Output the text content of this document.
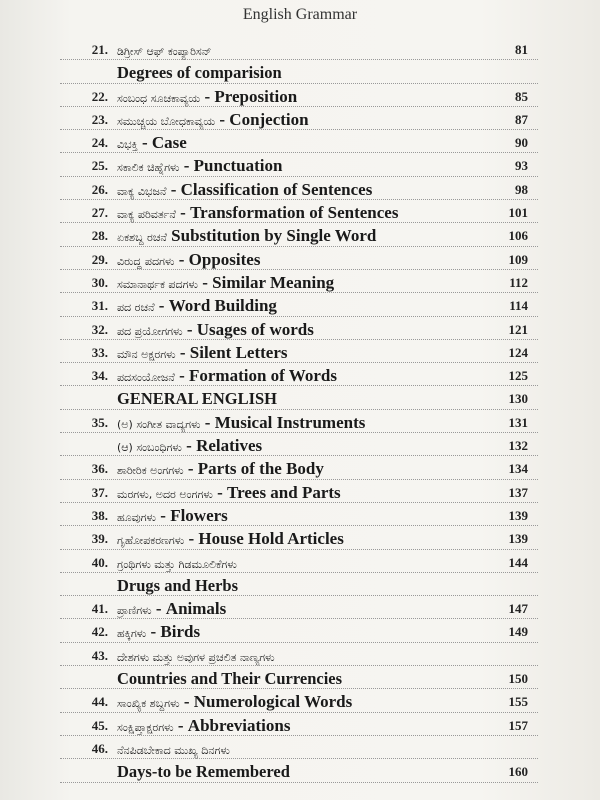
English Grammar
21. ಡಿಗ್ರೀಸ್ ಆಫ್ ಕಂಪ್ಯಾರಿಸನ್	81
Degrees of comparision
22. ಸಂಬಂಧ ಸೂಚಕಾವ್ಯಯ - Preposition	85
23. ಸಮುಚ್ಚಯ ಬೋಧಕಾವ್ಯಯ - Conjection	87
24. ವಿಭಕ್ತಿ - Case	90
25. ಸಕಾಲಿಕ ಚಿಹ್ನೆಗಳು - Punctuation	93
26. ವಾಕ್ಯ ವಿಭಜನೆ - Classification of Sentences	98
27. ವಾಕ್ಯ ಪರಿವರ್ತನೆ - Transformation of Sentences	101
28. ಏಕಶಬ್ದ ರಚನೆ Substitution by Single Word	106
29. ವಿರುದ್ಧ ಪದಗಳು - Opposites	109
30. ಸಮಾನಾರ್ಥಕ ಪದಗಳು - Similar Meaning	112
31. ಪದ ರಚನೆ - Word Building	114
32. ಪದ ಪ್ರಯೋಗಗಳು - Usages of words	121
33. ಮೌನ ಅಕ್ಷರಗಳು - Silent Letters	124
34. ಪದಸಂಯೋಜನೆ - Formation of Words	125
GENERAL ENGLISH	130
35. (ಅ) ಸಂಗೀತ ವಾದ್ಯಗಳು - Musical Instruments	131
(ಆ) ಸಂಬಂಧಿಗಳು - Relatives	132
36. ಶಾರೀರಿಕ ಅಂಗಗಳು - Parts of the Body	134
37. ಮರಗಳು, ಅದರ ಅಂಗಗಳು - Trees and Parts	137
38. ಹೂವುಗಳು - Flowers	139
39. ಗೃಹೋಪಕರಣಗಳು - House Hold Articles	139
40. ಗ್ರಂಥಿಗಳು ಮತ್ತು ಗಿಡಮೂಲಿಕೆಗಳು	144
Drugs and Herbs
41. ಪ್ರಾಣಿಗಳು - Animals	147
42. ಹಕ್ಕಿಗಳು - Birds	149
43. ದೇಶಗಳು ಮತ್ತು ಅವುಗಳ ಪ್ರಚಲಿತ ನಾಣ್ಯಗಳು
Countries and Their Currencies	150
44. ಸಾಂಖ್ಯಿಕ ಶಬ್ದಗಳು - Numerological Words	155
45. ಸಂಕ್ಷಿಪ್ತಾಕ್ಷರಗಳು - Abbreviations	157
46. ನೆನಪಿಡಬೇಕಾದ ಮುಖ್ಯ ದಿನಗಳು
Days-to be Remembered	160
